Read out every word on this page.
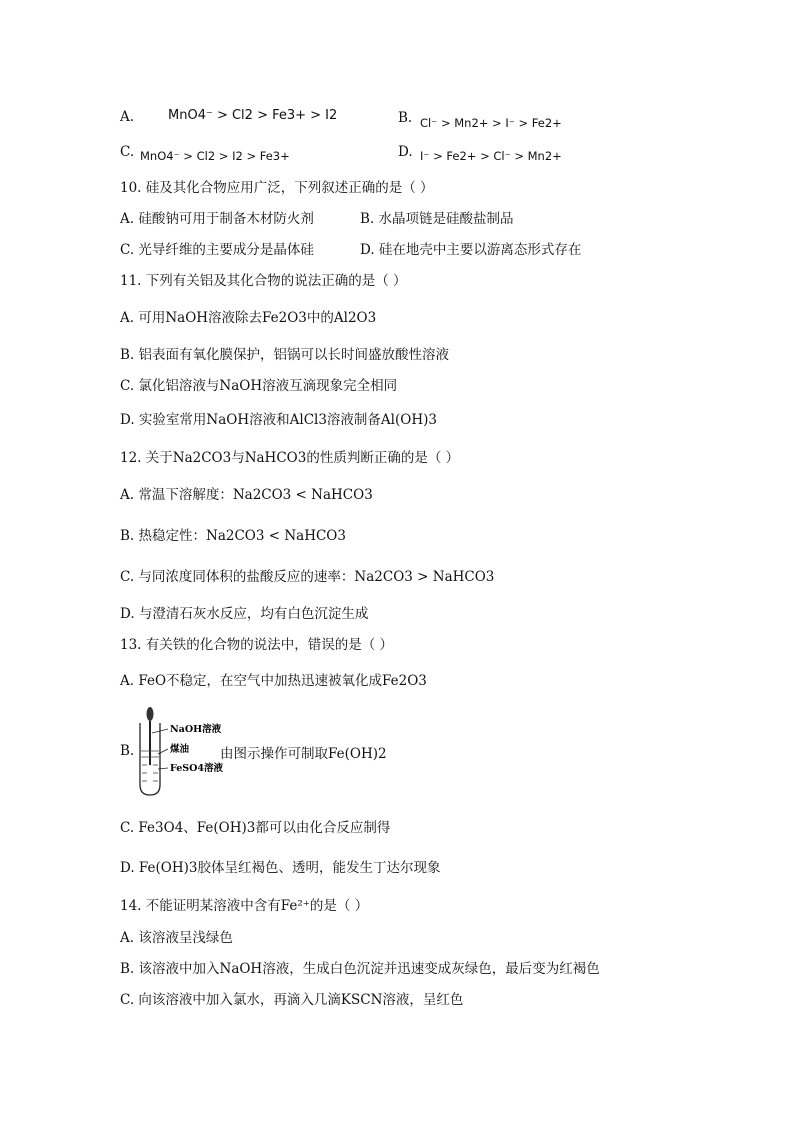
A.	MnO4⁻ > Cl2 > Fe3+ > I2	B. Cl⁻ > Mn2+ > I⁻ > Fe2+
C. MnO4⁻ > Cl2 > I2 > Fe3+	D. I⁻ > Fe2+ > Cl⁻ > Mn2+
10. 硅及其化合物应用广泛，下列叙述正确的是（ ）
A. 硅酸钠可用于制备木材防火剂	B. 水晶项链是硅酸盐制品
C. 光导纤维的主要成分是晶体硅	D. 硅在地壳中主要以游离态形式存在
11. 下列有关铝及其化合物的说法正确的是（ ）
A. 可用NaOH溶液除去Fe2O3中的Al2O3
B. 铝表面有氧化膜保护，铝锅可以长时间盛放酸性溶液
C. 氯化铝溶液与NaOH溶液互滴现象完全相同
D. 实验室常用NaOH溶液和AlCl3溶液制备Al(OH)3
12. 关于Na2CO3与NaHCO3的性质判断正确的是（ ）
A. 常温下溶解度：Na2CO3 < NaHCO3
B. 热稳定性：Na2CO3 < NaHCO3
C. 与同浓度同体积的盐酸反应的速率：Na2CO3 > NaHCO3
D. 与澄清石灰水反应，均有白色沉淀生成
13. 有关铁的化合物的说法中，错误的是（ ）
A. FeO不稳定，在空气中加热迅速被氧化成Fe2O3
B.
NaOH溶液
煤油
FeSO4溶液
由图示操作可制取Fe(OH)2
C. Fe3O4、Fe(OH)3都可以由化合反应制得
D. Fe(OH)3胶体呈红褐色、透明，能发生丁达尔现象
14. 不能证明某溶液中含有Fe²⁺的是（ ）
A. 该溶液呈浅绿色
B. 该溶液中加入NaOH溶液，生成白色沉淀并迅速变成灰绿色，最后变为红褐色
C. 向该溶液中加入氯水，再滴入几滴KSCN溶液，呈红色
